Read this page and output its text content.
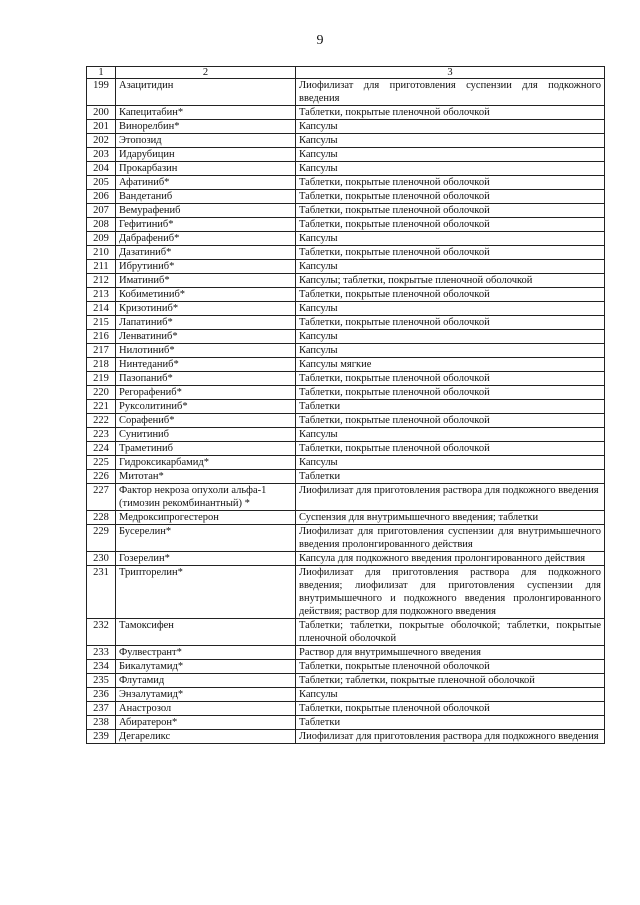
9
1	2	3
199	Азацитидин	Лиофилизат для приготовления суспензии для подкожного введения
200	Капецитабин*	Таблетки, покрытые пленочной оболочкой
201	Винорелбин*	Капсулы
202	Этопозид	Капсулы
203	Идарубицин	Капсулы
204	Прокарбазин	Капсулы
205	Афатиниб*	Таблетки, покрытые пленочной оболочкой
206	Вандетаниб	Таблетки, покрытые пленочной оболочкой
207	Вемурафениб	Таблетки, покрытые пленочной оболочкой
208	Гефитиниб*	Таблетки, покрытые пленочной оболочкой
209	Дабрафениб*	Капсулы
210	Дазатиниб*	Таблетки, покрытые пленочной оболочкой
211	Ибрутиниб*	Капсулы
212	Иматиниб*	Капсулы; таблетки, покрытые пленочной оболочкой
213	Кобиметиниб*	Таблетки, покрытые пленочной оболочкой
214	Кризотиниб*	Капсулы
215	Лапатиниб*	Таблетки, покрытые пленочной оболочкой
216	Ленватиниб*	Капсулы
217	Нилотиниб*	Капсулы
218	Нинтеданиб*	Капсулы мягкие
219	Пазопаниб*	Таблетки, покрытые пленочной оболочкой
220	Регорафениб*	Таблетки, покрытые пленочной оболочкой
221	Руксолитиниб*	Таблетки
222	Сорафениб*	Таблетки, покрытые пленочной оболочкой
223	Сунитиниб	Капсулы
224	Траметиниб	Таблетки, покрытые пленочной оболочкой
225	Гидроксикарбамид*	Капсулы
226	Митотан*	Таблетки
227	Фактор некроза опухоли альфа-1 (тимозин рекомбинантный) *	Лиофилизат для приготовления раствора для подкожного введения
228	Медроксипрогестерон	Суспензия для внутримышечного введения; таблетки
229	Бусерелин*	Лиофилизат для приготовления суспензии для внутримышечного введения пролонгированного действия
230	Гозерелин*	Капсула для подкожного введения пролонгированного действия
231	Трипторелин*	Лиофилизат для приготовления раствора для подкожного введения; лиофилизат для приготовления суспензии для внутримышечного и подкожного введения пролонгированного действия; раствор для подкожного введения
232	Тамоксифен	Таблетки; таблетки, покрытые оболочкой; таблетки, покрытые пленочной оболочкой
233	Фулвестрант*	Раствор для внутримышечного введения
234	Бикалутамид*	Таблетки, покрытые пленочной оболочкой
235	Флутамид	Таблетки; таблетки, покрытые пленочной оболочкой
236	Энзалутамид*	Капсулы
237	Анастрозол	Таблетки, покрытые пленочной оболочкой
238	Абиратерон*	Таблетки
239	Дегареликс	Лиофилизат для приготовления раствора для подкожного введения
